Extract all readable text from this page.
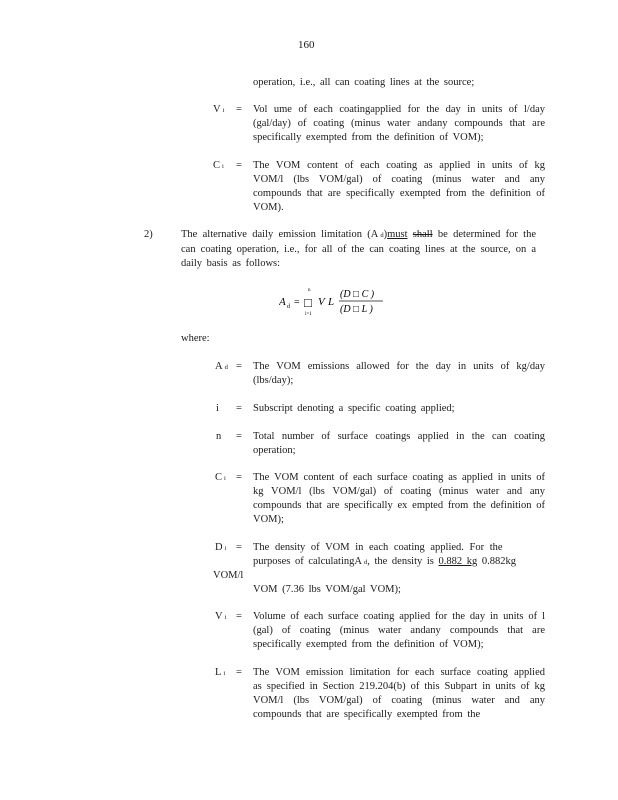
160
operation, i.e., all can coating lines at the source;
Vi = Vol ume of each coatingapplied for the day in units of l/day (gal/day) of coating (minus water andany compounds that are specifically exempted from the definition of VOM);
Ci = The VOM content of each coating as applied in units of kg VOM/l (lbs VOM/gal) of coating (minus water and any compounds that are specifically exempted from the definition of VOM).
2)	The alternative daily emission limitation (A d)must shall be determined for the can coating operation, i.e., for all of the can coating lines at the source, on a daily basis as follows:
A d =
n
□
i=1
V L
(D □ C )
(D □ L )
where:
Ad = The VOM emissions allowed for the day in units of kg/day (lbs/day);
i = Subscript denoting a specific coating applied;
n = Total number of surface coatings applied in the can coating operation;
Ci = The VOM content of each surface coating as applied in units of kg VOM/l (lbs VOM/gal) of coating (minus water and any compounds that are specifically ex empted from the definition of VOM);
Di = The density of VOM in each coating applied. For the
purposes of calculatingA d, the density is 0.882 kg 0.882kg
VOM/l
VOM (7.36 lbs VOM/gal VOM);
Vi = Volume of each surface coating applied for the day in units of l (gal) of coating (minus water andany compounds that are specifically exempted from the definition of VOM);
Li = The VOM emission limitation for each surface coating applied as specified in Section 219.204(b) of this Subpart in units of kg VOM/l (lbs VOM/gal) of coating (minus water and any compounds that are specifically exempted from the
